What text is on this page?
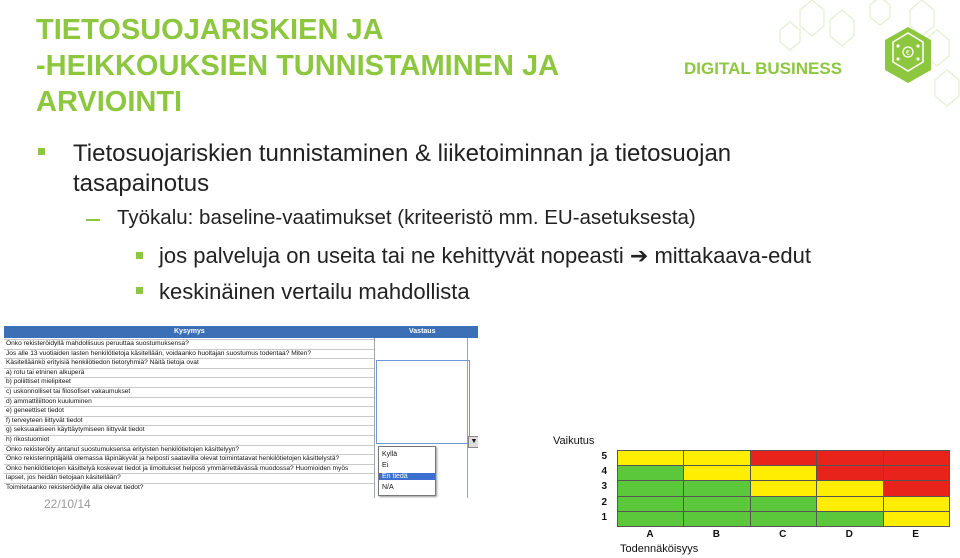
TIETOSUOJARISKIEN JA
-HEIKKOUKSIEN TUNNISTAMINEN JA
ARVIOINTI
€
DIGITAL BUSINESS
Tietosuojariskien tunnistaminen & liiketoiminnan ja tietosuojan
tasapainotus
Työkalu: baseline-vaatimukset (kriteeristö mm. EU-asetuksesta)
jos palveluja on useita tai ne kehittyvät nopeasti ➔ mittakaava-edut
keskinäinen vertailu mahdollista
Kysymys	Vastaus
Onko rekisteröidyllä mahdollisuus peruuttaa suostumuksensa?
Jos alle 13 vuotiaiden lasten henkilötietoja käsitellään, voidaanko huoltajan suostumus todentaa? Miten?
Käsitelläänkö erityisiä henkilötiedon tietoryhmiä? Näitä tietoja ovat
a) rotu tai etninen alkuperä
b) poliittiset mielipiteet
c) uskonnolliset tai filosofiset vakaumukset
d) ammattiliittoon kuuluminen
e) geneettiset tiedot
f) terveyteen liittyvät tiedot
g) seksuaaliseen käyttäytymiseen liittyvät tiedot
h) rikostuomiot
Onko rekisteröity antanut suostumuksensa erityisten henkilötietojen käsittelyyn?
Onko rekisterinpitäjällä olemassa läpinäkyvät ja helposti saatavilla olevat toimintatavat henkilötietojen käsittelystä?
Onko henkilötietojen käsittelyä koskevat tiedot ja ilmoitukset helposti ymmärrettävässä muodossa? Huomioiden myös
lapset, jos heidän tietojaan käsitellään?
Toimitetaanko rekisteröidyille alla olevat tiedot?
▼
Kyllä
Ei
En tiedä
N/A
22/10/14
Vaikutus
Todennäköisyys
5
4
3
2
1
A	B	C	D	E
